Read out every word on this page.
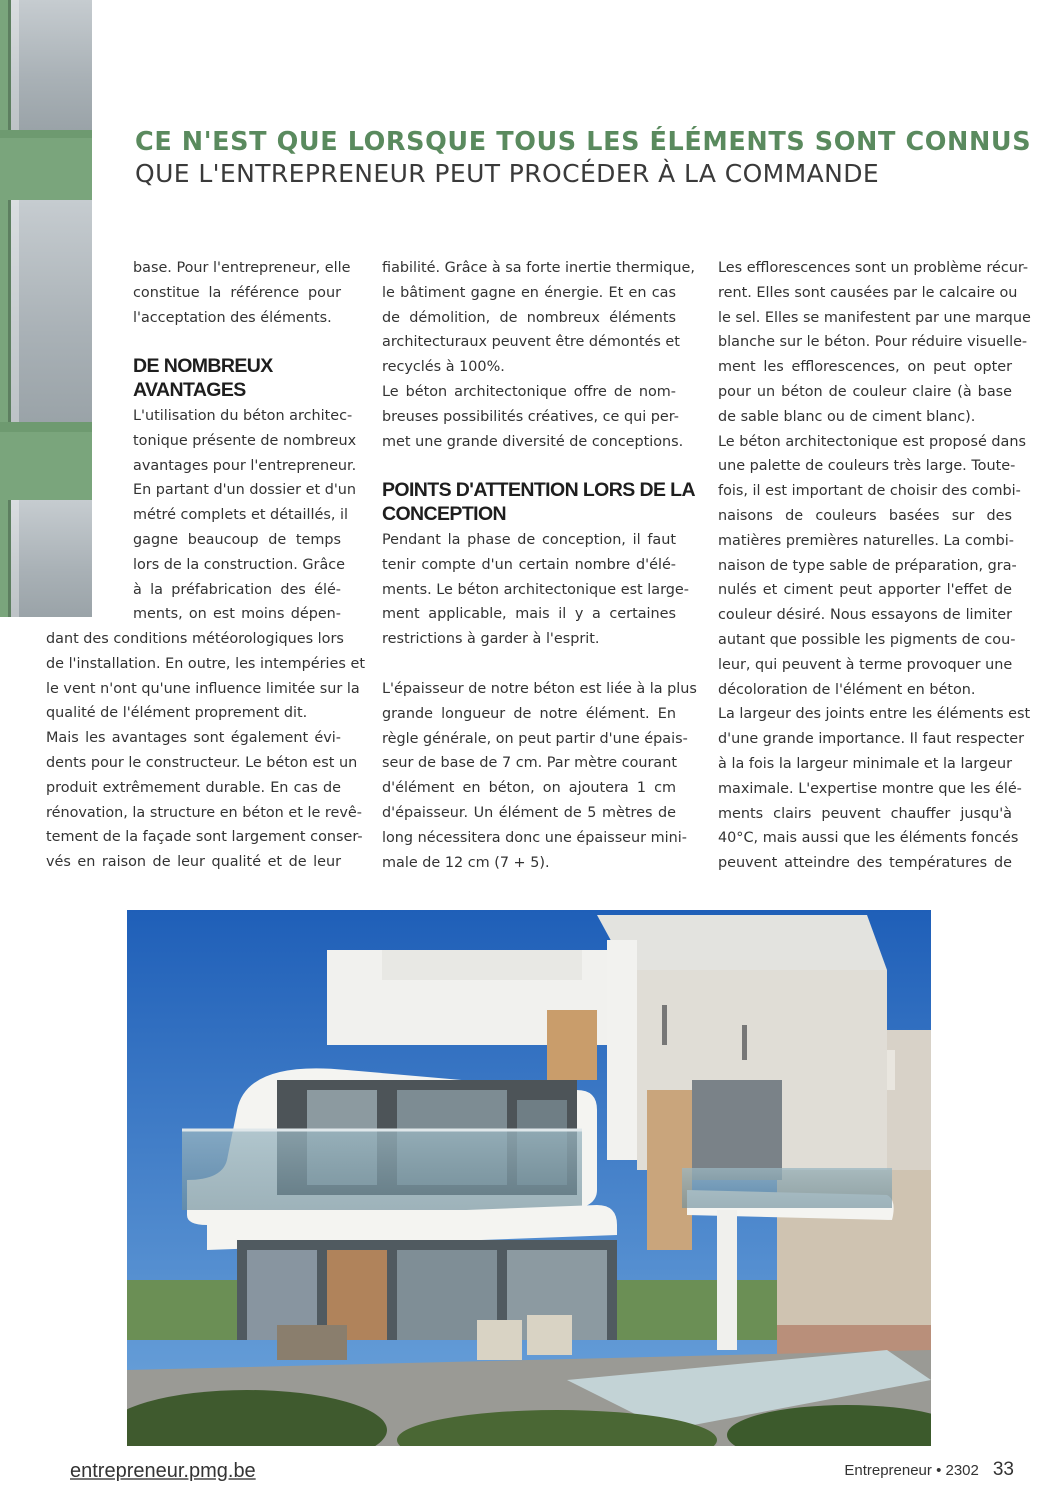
CE N'EST QUE LORSQUE TOUS LES ÉLÉMENTS SONT CONNUS
QUE L'ENTREPRENEUR PEUT PROCÉDER À LA COMMANDE

base. Pour l'entrepreneur, elle
constitue la référence pour
l'acceptation des éléments.

DE NOMBREUX
AVANTAGES

L'utilisation du béton architec-
tonique présente de nombreux
avantages pour l'entrepreneur.
En partant d'un dossier et d'un
métré complets et détaillés, il
gagne beaucoup de temps
lors de la construction. Grâce
à la préfabrication des élé-
ments, on est moins dépen-

dant des conditions météorologiques lors
de l'installation. En outre, les intempéries et
le vent n'ont qu'une influence limitée sur la
qualité de l'élément proprement dit.
Mais les avantages sont également évi-
dents pour le constructeur. Le béton est un
produit extrêmement durable. En cas de
rénovation, la structure en béton et le revê-
tement de la façade sont largement conser-
vés en raison de leur qualité et de leur

fiabilité. Grâce à sa forte inertie thermique,
le bâtiment gagne en énergie. Et en cas
de démolition, de nombreux éléments
architecturaux peuvent être démontés et
recyclés à 100%.
Le béton architectonique offre de nom-
breuses possibilités créatives, ce qui per-
met une grande diversité de conceptions.

POINTS D'ATTENTION LORS DE LA
CONCEPTION

Pendant la phase de conception, il faut
tenir compte d'un certain nombre d'élé-
ments. Le béton architectonique est large-
ment applicable, mais il y a certaines
restrictions à garder à l'esprit.

L'épaisseur de notre béton est liée à la plus
grande longueur de notre élément. En
règle générale, on peut partir d'une épais-
seur de base de 7 cm. Par mètre courant
d'élément en béton, on ajoutera 1 cm
d'épaisseur. Un élément de 5 mètres de
long nécessitera donc une épaisseur mini-
male de 12 cm (7 + 5).

Les efflorescences sont un problème récur-
rent. Elles sont causées par le calcaire ou
le sel. Elles se manifestent par une marque
blanche sur le béton. Pour réduire visuelle-
ment les efflorescences, on peut opter
pour un béton de couleur claire (à base
de sable blanc ou de ciment blanc).
Le béton architectonique est proposé dans
une palette de couleurs très large. Toute-
fois, il est important de choisir des combi-
naisons de couleurs basées sur des
matières premières naturelles. La combi-
naison de type sable de préparation, gra-
nulés et ciment peut apporter l'effet de
couleur désiré. Nous essayons de limiter
autant que possible les pigments de cou-
leur, qui peuvent à terme provoquer une
décoloration de l'élément en béton.
La largeur des joints entre les éléments est
d'une grande importance. Il faut respecter
à la fois la largeur minimale et la largeur
maximale. L'expertise montre que les élé-
ments clairs peuvent chauffer jusqu'à
40°C, mais aussi que les éléments foncés
peuvent atteindre des températures de

entrepreneur.pmg.be	Entrepreneur • 2302 33
